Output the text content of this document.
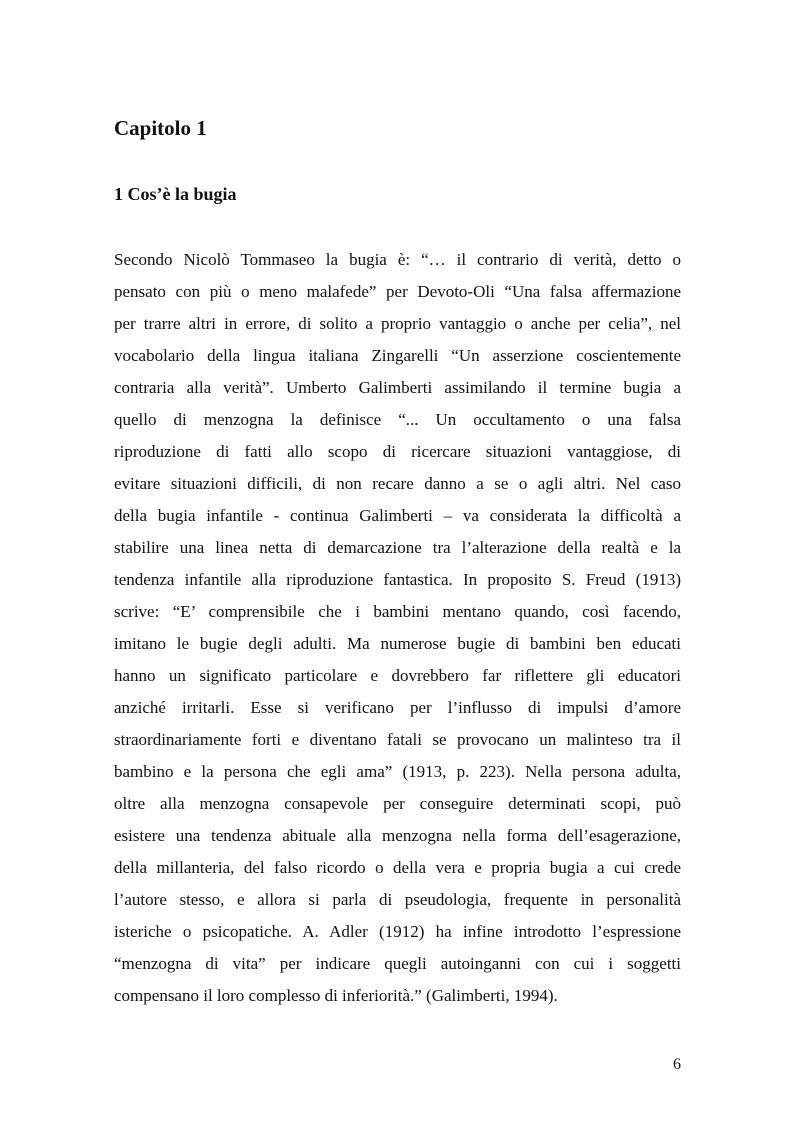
Capitolo 1
1 Cos’è la bugia
Secondo Nicolò Tommaseo la bugia è: “… il contrario di verità, detto o
pensato con più o meno malafede” per Devoto-Oli “Una falsa affermazione
per trarre altri in errore, di solito a proprio vantaggio o anche per celia”, nel
vocabolario della lingua italiana Zingarelli “Un asserzione coscientemente
contraria alla verità”. Umberto Galimberti assimilando il termine bugia a
quello di menzogna la definisce “... Un occultamento o una falsa
riproduzione di fatti allo scopo di ricercare situazioni vantaggiose, di
evitare situazioni difficili, di non recare danno a se o agli altri. Nel caso
della bugia infantile - continua Galimberti – va considerata la difficoltà a
stabilire una linea netta di demarcazione tra l’alterazione della realtà e la
tendenza infantile alla riproduzione fantastica. In proposito S. Freud (1913)
scrive: “E’ comprensibile che i bambini mentano quando, così facendo,
imitano le bugie degli adulti. Ma numerose bugie di bambini ben educati
hanno un significato particolare e dovrebbero far riflettere gli educatori
anziché irritarli. Esse si verificano per l’influsso di impulsi d’amore
straordinariamente forti e diventano fatali se provocano un malinteso tra il
bambino e la persona che egli ama” (1913, p. 223). Nella persona adulta,
oltre alla menzogna consapevole per conseguire determinati scopi, può
esistere una tendenza abituale alla menzogna nella forma dell’esagerazione,
della millanteria, del falso ricordo o della vera e propria bugia a cui crede
l’autore stesso, e allora si parla di pseudologia, frequente in personalità
isteriche o psicopatiche. A. Adler (1912) ha infine introdotto l’espressione
“menzogna di vita” per indicare quegli autoinganni con cui i soggetti
compensano il loro complesso di inferiorità.” (Galimberti, 1994).
6
